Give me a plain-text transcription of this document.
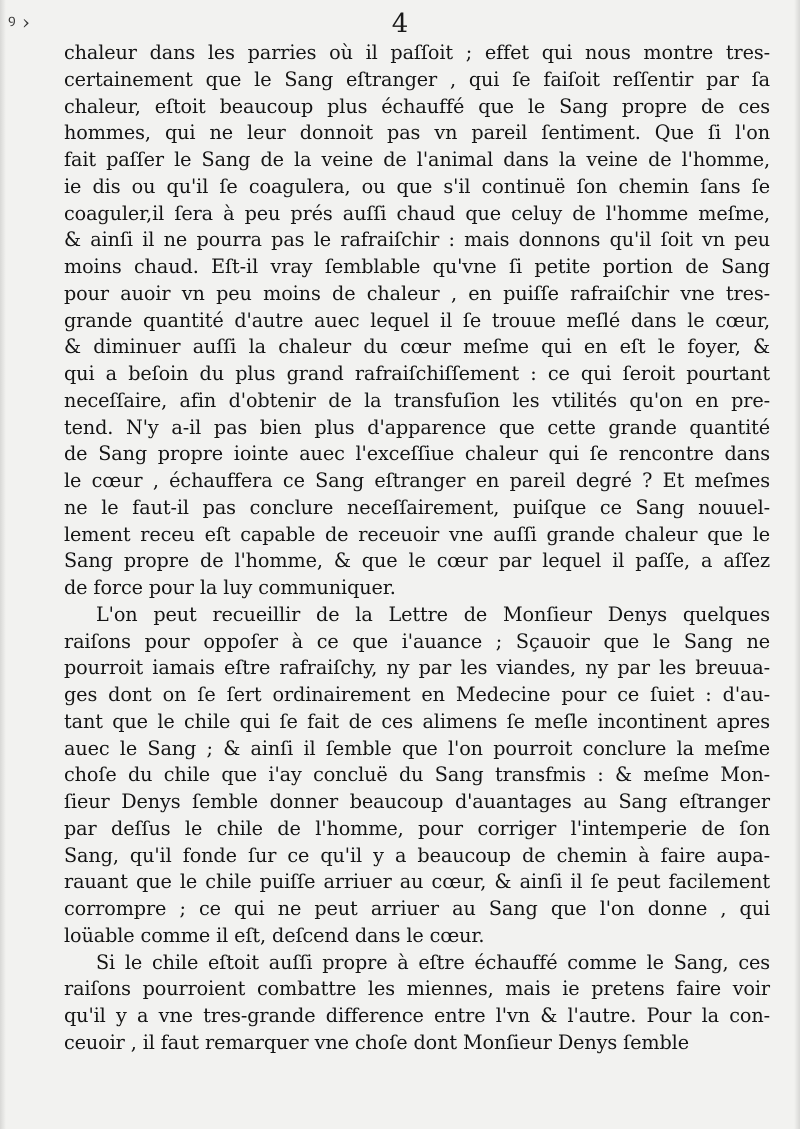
ꝰ ›	4
chaleur dans les parries où il paſſoit ; effet qui nous montre tres-
certainement que le Sang eſtranger , qui ſe faiſoit reſſentir par ſa
chaleur, eſtoit beaucoup plus échauffé que le Sang propre de ces
hommes, qui ne leur donnoit pas vn pareil ſentiment. Que ſi l'on
fait paſſer le Sang de la veine de l'animal dans la veine de l'homme,
ie dis ou qu'il ſe coagulera, ou que s'il continuë ſon chemin ſans ſe
coaguler,il ſera à peu prés auſſi chaud que celuy de l'homme meſme,
& ainſi il ne pourra pas le rafraiſchir : mais donnons qu'il ſoit vn peu
moins chaud. Eſt-il vray ſemblable qu'vne ſi petite portion de Sang
pour auoir vn peu moins de chaleur , en puiſſe rafraiſchir vne tres-
grande quantité d'autre auec lequel il ſe trouue meſlé dans le cœur,
& diminuer auſſi la chaleur du cœur meſme qui en eſt le foyer, &
qui a beſoin du plus grand rafraiſchiſſement : ce qui ſeroit pourtant
neceſſaire, afin d'obtenir de la transfuſion les vtilités qu'on en pre-
tend. N'y a-il pas bien plus d'apparence que cette grande quantité
de Sang propre iointe auec l'exceſſiue chaleur qui ſe rencontre dans
le cœur , échauffera ce Sang eſtranger en pareil degré ? Et meſmes
ne le faut-il pas conclure neceſſairement, puiſque ce Sang nouuel-
lement receu eſt capable de receuoir vne auſſi grande chaleur que le
Sang propre de l'homme, & que le cœur par lequel il paſſe, a aſſez
de force pour la luy communiquer.
L'on peut recueillir de la Lettre de Monſieur Denys quelques
raiſons pour oppoſer à ce que i'auance ; Sçauoir que le Sang ne
pourroit iamais eſtre rafraiſchy, ny par les viandes, ny par les breuua-
ges dont on ſe ſert ordinairement en Medecine pour ce ſuiet : d'au-
tant que le chile qui ſe fait de ces alimens ſe meſle incontinent apres
auec le Sang ; & ainſi il ſemble que l'on pourroit conclure la meſme
choſe du chile que i'ay concluë du Sang transfmis : & meſme Mon-
ſieur Denys ſemble donner beaucoup d'auantages au Sang eſtranger
par deſſus le chile de l'homme, pour corriger l'intemperie de ſon
Sang, qu'il fonde ſur ce qu'il y a beaucoup de chemin à faire aupa-
rauant que le chile puiſſe arriuer au cœur, & ainſi il ſe peut facilement
corrompre ; ce qui ne peut arriuer au Sang que l'on donne , qui
loüable comme il eſt, deſcend dans le cœur.
Si le chile eſtoit auſſi propre à eſtre échauffé comme le Sang, ces
raiſons pourroient combattre les miennes, mais ie pretens faire voir
qu'il y a vne tres-grande difference entre l'vn & l'autre. Pour la con-
ceuoir , il faut remarquer vne choſe dont Monſieur Denys ſemble
